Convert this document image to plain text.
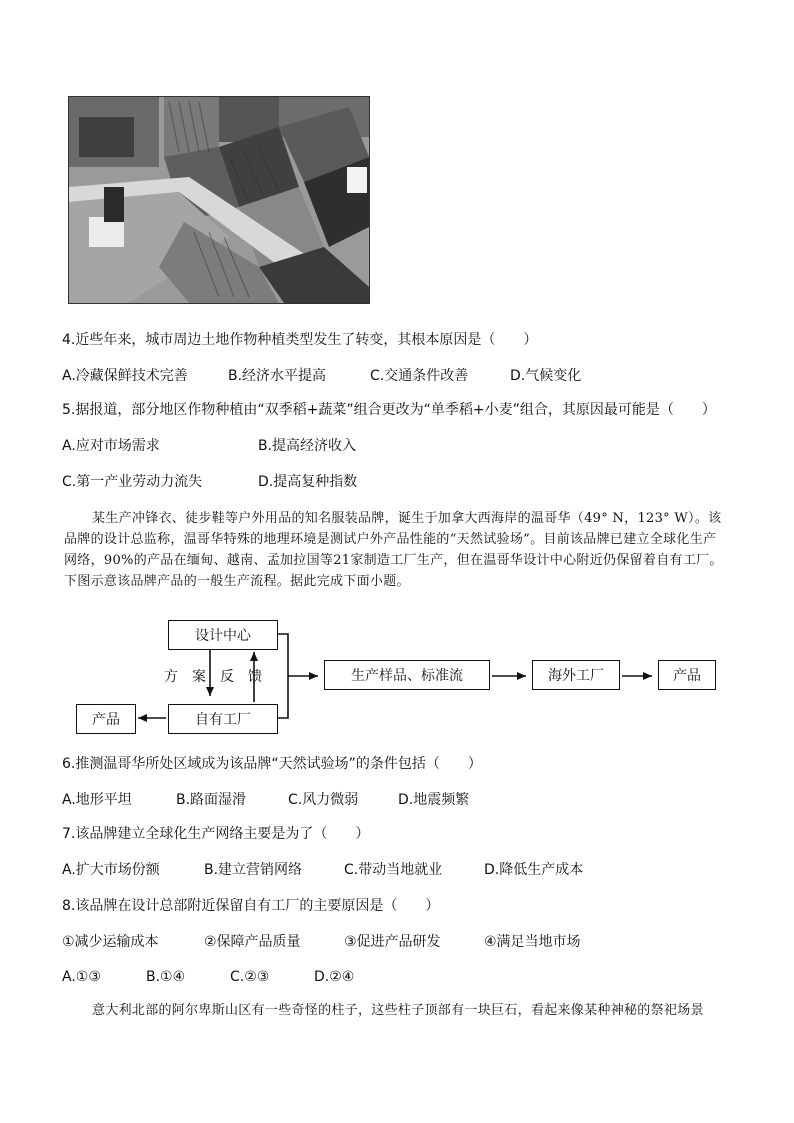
4.近些年来，城市周边土地作物种植类型发生了转变，其根本原因是（　　）
A.冷藏保鲜技术完善	B.经济水平提高	C.交通条件改善	D.气候变化
5.据报道，部分地区作物种植由“双季稻+蔬菜”组合更改为“单季稻+小麦”组合，其原因最可能是（　　）
A.应对市场需求	B.提高经济收入
C.第一产业劳动力流失	D.提高复种指数
某生产冲锋衣、徒步鞋等户外用品的知名服装品牌，诞生于加拿大西海岸的温哥华（49° N，123° W）。该品牌的设计总监称，温哥华特殊的地理环境是测试户外产品性能的“天然试验场”。目前该品牌已建立全球化生产网络，90%的产品在缅甸、越南、孟加拉国等21家制造工厂生产，但在温哥华设计中心附近仍保留着自有工厂。下图示意该品牌产品的一般生产流程。据此完成下面小题。
设计中心
自有工厂
产品
方　案 反　馈	生产样品、标准流	海外工厂	产品
6.推测温哥华所处区域成为该品牌“天然试验场”的条件包括（　　）
A.地形平坦	B.路面湿滑	C.风力微弱	D.地震频繁
7.该品牌建立全球化生产网络主要是为了（　　）
A.扩大市场份额	B.建立营销网络	C.带动当地就业	D.降低生产成本
8.该品牌在设计总部附近保留自有工厂的主要原因是（　　）
①减少运输成本	②保障产品质量	③促进产品研发	④满足当地市场
A.①③	B.①④	C.②③	D.②④
意大利北部的阿尔卑斯山区有一些奇怪的柱子，这些柱子顶部有一块巨石，看起来像某种神秘的祭祀场景
